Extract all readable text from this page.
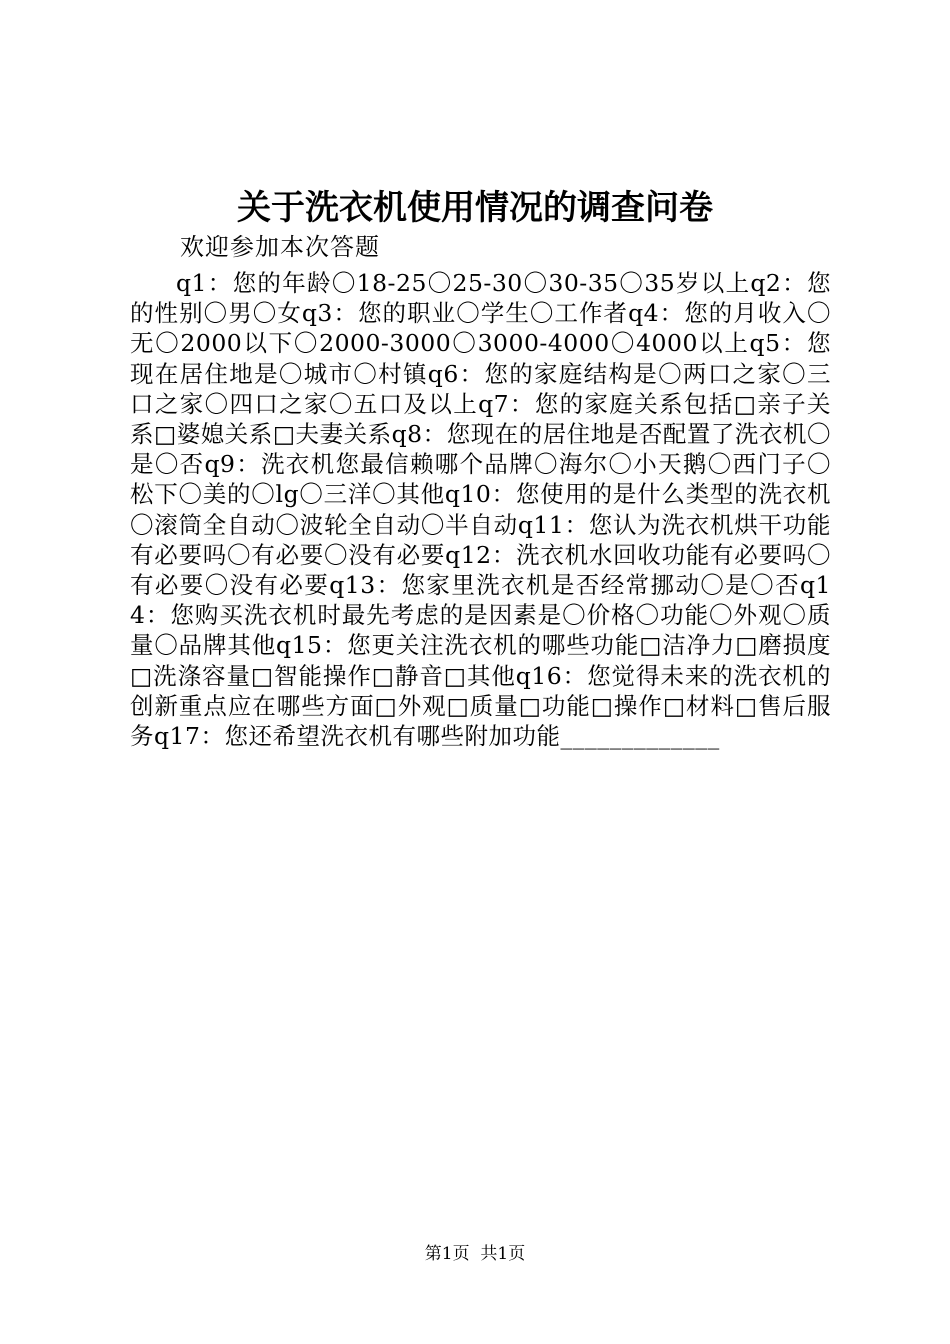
关于洗衣机使用情况的调查问卷
欢迎参加本次答题
q1：您的年龄〇18-25〇25-30〇30-35〇35岁以上q2：您的性别〇男〇女q3：您的职业〇学生〇工作者q4：您的月收入〇无〇2000以下〇2000-3000〇3000-4000〇4000以上q5：您现在居住地是〇城市〇村镇q6：您的家庭结构是〇两口之家〇三口之家〇四口之家〇五口及以上q7：您的家庭关系包括□亲子关系□婆媳关系□夫妻关系q8：您现在的居住地是否配置了洗衣机〇是〇否q9：洗衣机您最信赖哪个品牌〇海尔〇小天鹅〇西门子〇松下〇美的〇lg〇三洋〇其他q10：您使用的是什么类型的洗衣机〇滚筒全自动〇波轮全自动〇半自动q11：您认为洗衣机烘干功能有必要吗〇有必要〇没有必要q12：洗衣机水回收功能有必要吗〇有必要〇没有必要q13：您家里洗衣机是否经常挪动〇是〇否q14：您购买洗衣机时最先考虑的是因素是〇价格〇功能〇外观〇质量〇品牌其他q15：您更关注洗衣机的哪些功能□洁净力□磨损度□洗涤容量□智能操作□静音□其他q16：您觉得未来的洗衣机的创新重点应在哪些方面□外观□质量□功能□操作□材料□售后服务q17：您还希望洗衣机有哪些附加功能_____________
第1页  共1页
